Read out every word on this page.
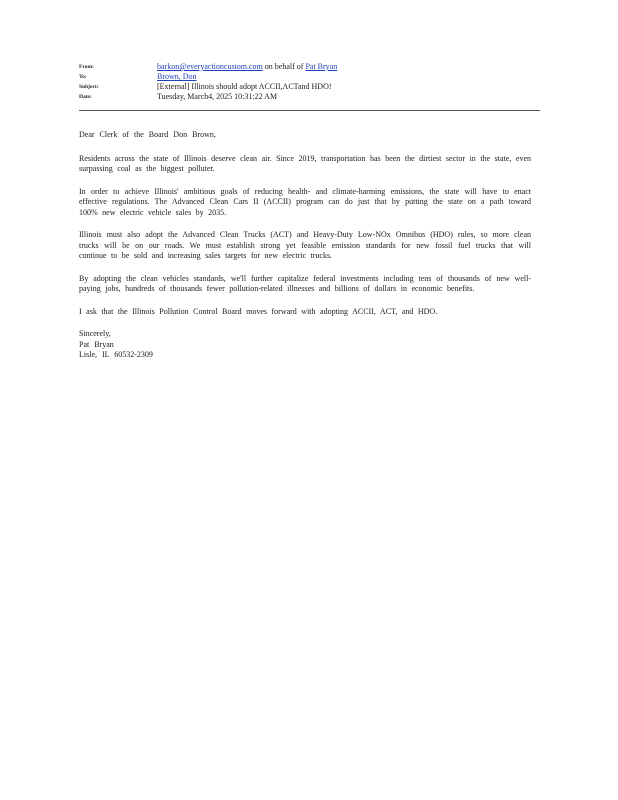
From:	barkon@everyactioncustom.com on behalf of Pat Bryan
To:	Brown, Don
Subject:	[External] Illinois should adopt ACCII,ACTand HDO!
Date:	Tuesday, March4, 2025 10:31:22 AM

Dear Clerk of the Board Don Brown,

Residents across the state of Illinois deserve clean air. Since 2019, transportation has been the dirtiest sector in the state, even surpassing coal as the biggest polluter.

In order to achieve Illinois' ambitious goals of reducing health- and climate-harming emissions, the state will have to enact effective regulations. The Advanced Clean Cars II (ACCII) program can do just that by putting the state on a path toward 100% new electric vehicle sales by 2035.

Illinois must also adopt the Advanced Clean Trucks (ACT) and Heavy-Duty Low-NOx Omnibus (HDO) rules, so more clean trucks will be on our roads. We must establish strong yet feasible emission standards for new fossil fuel trucks that will continue to be sold and increasing sales targets for new electric trucks.

By adopting the clean vehicles standards, we'll further capitalize federal investments including tens of thousands of new well-paying jobs, hundreds of thousands fewer pollution-related illnesses and billions of dollars in economic benefits.

I ask that the Illinois Pollution Control Board moves forward with adopting ACCII, ACT, and HDO.

Sincerely,

Pat Bryan

Lisle, IL 60532-2309
